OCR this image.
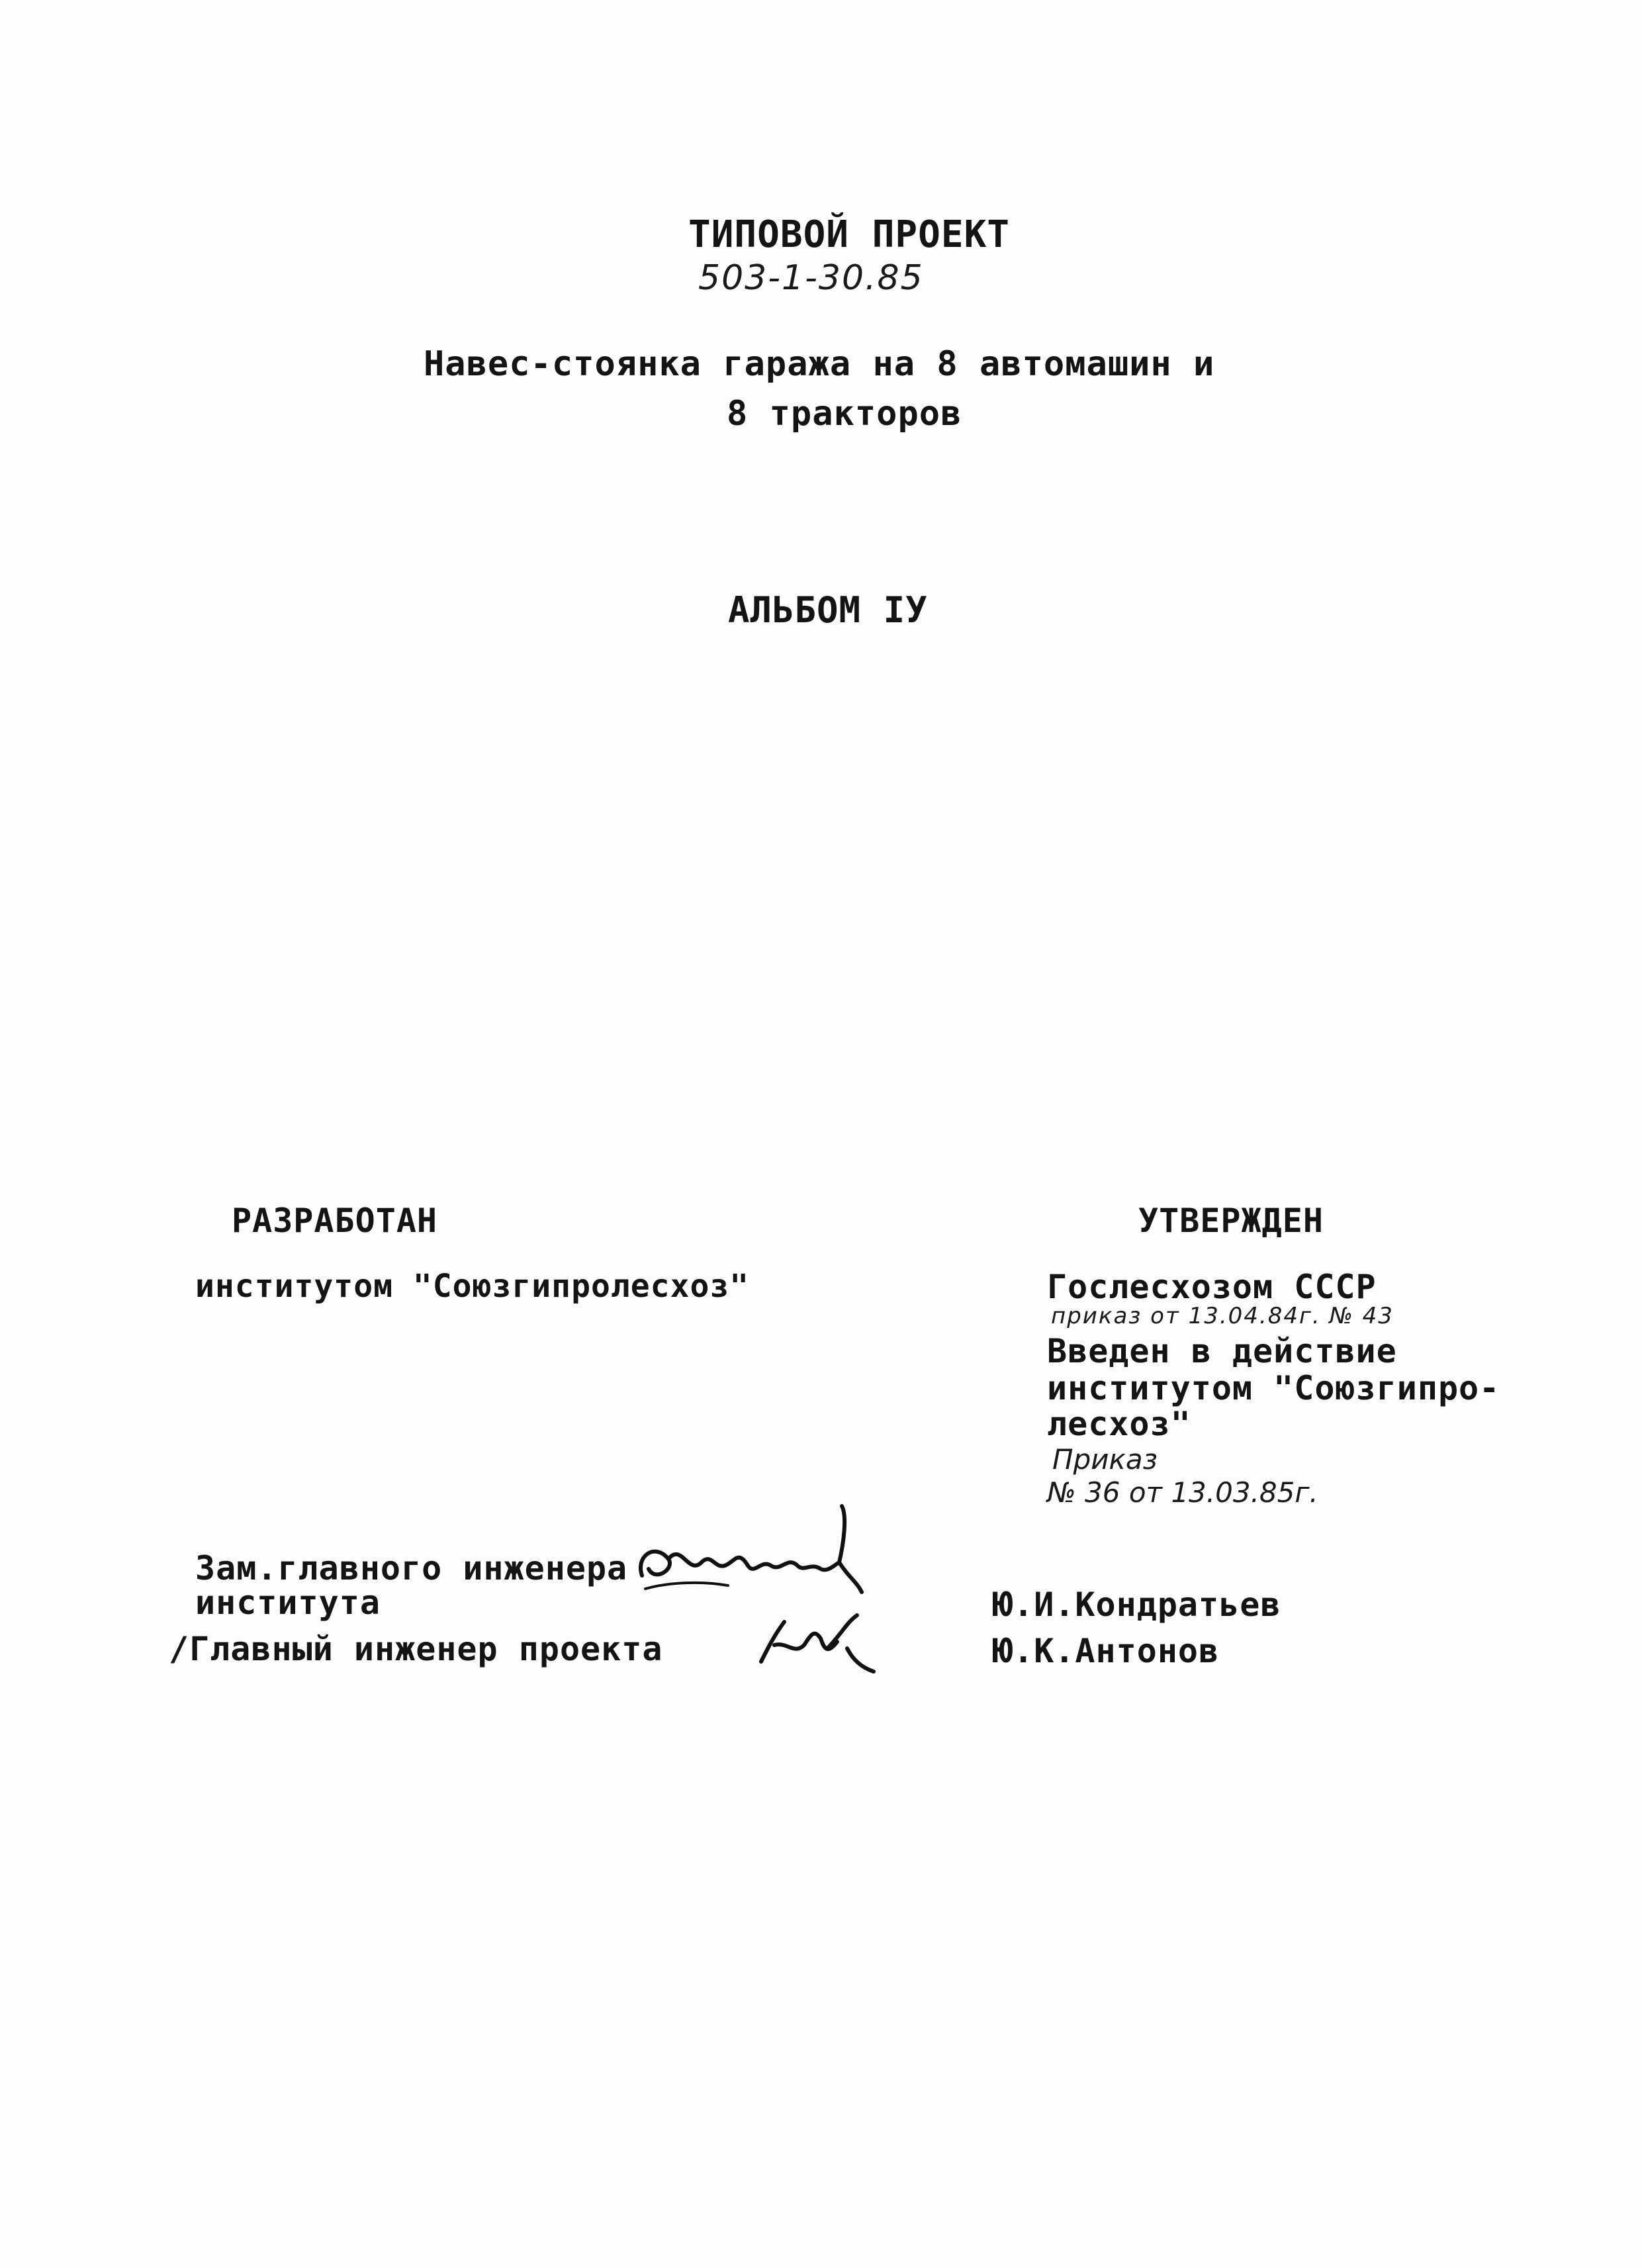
ТИПОВОЙ ПРОЕКТ
503-1-30.85
Навес-стоянка гаража на 8 автомашин и
8 тракторов
АЛЬБОМ IУ
РАЗРАБОТАН
институтом "Союзгипролесхоз"
УТВЕРЖДЕН
Гослесхозом СССР
приказ от 13.04.84г. № 43
Введен в действие
институтом "Союзгипро-
лесхоз"
Приказ
№ 36 от 13.03.85г.
Зам.главного инженера
института
/Главный инженер проекта
Ю.И.Кондратьев
Ю.К.Антонов
